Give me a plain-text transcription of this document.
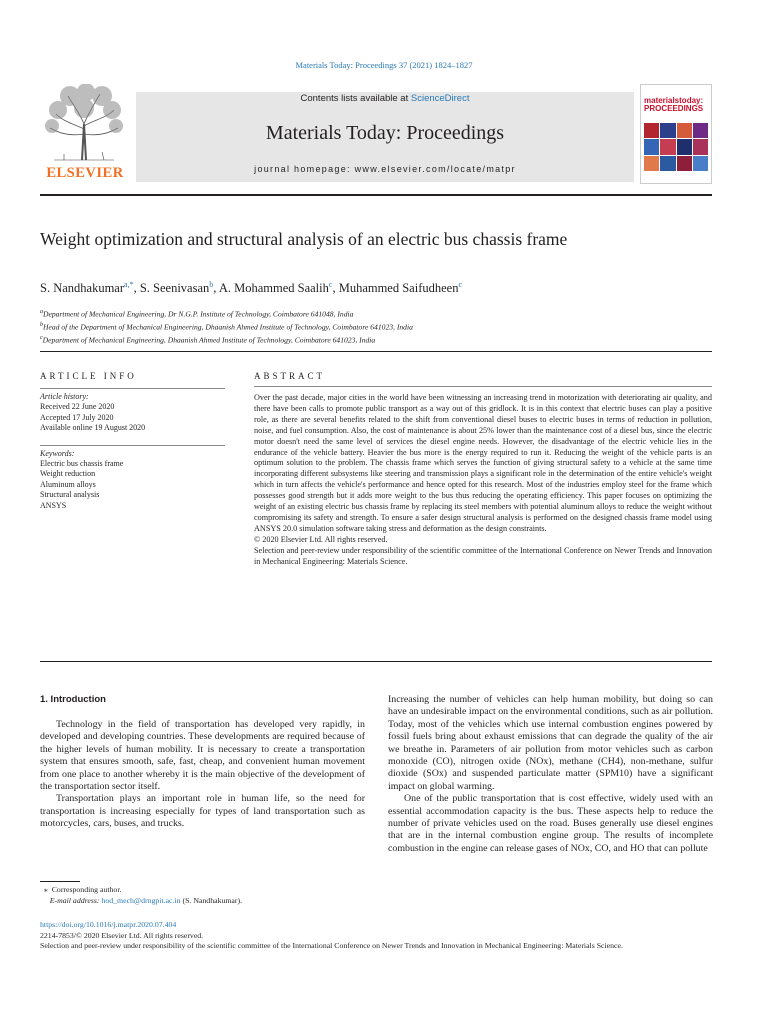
Materials Today: Proceedings 37 (2021) 1824–1827
ELSEVIER
Contents lists available at ScienceDirect
Materials Today: Proceedings
journal homepage: www.elsevier.com/locate/matpr
materialstoday:
PROCEEDINGS
Weight optimization and structural analysis of an electric bus chassis frame
S. Nandhakumar$^{a,*}$, S. Seenivasan$^b$, A. Mohammed Saalih$^c$, Muhammed Saifudheen$^c$
$^a$Department of Mechanical Engineering, Dr N.G.P. Institute of Technology, Coimbatore 641048, India
$^b$Head of the Department of Mechanical Engineering, Dhaanish Ahmed Institute of Technology, Coimbatore 641023, India
$^c$Department of Mechanical Engineering, Dhaanish Ahmed Institute of Technology, Coimbatore 641023, India
ARTICLE INFO
Article history:
Received 22 June 2020
Accepted 17 July 2020
Available online 19 August 2020
Keywords:
Electric bus chassis frame
Weight reduction
Aluminum alloys
Structural analysis
ANSYS
ABSTRACT
Over the past decade, major cities in the world have been witnessing an increasing trend in motorization with deteriorating air quality, and there have been calls to promote public transport as a way out of this gridlock. It is in this context that electric buses can play a positive role, as there are several benefits related to the shift from conventional diesel buses to electric buses in terms of reduction in pollution, noise, and fuel consumption. Also, the cost of maintenance is about 25% lower than the maintenance cost of a diesel bus, since the electric motor doesn't need the same level of services the diesel engine needs. However, the disadvantage of the electric vehicle lies in the endurance of the vehicle battery. Heavier the bus more is the energy required to run it. Reducing the weight of the vehicle parts is an optimum solution to the problem. The chassis frame which serves the function of giving structural safety to a vehicle at the same time incorporating different subsystems like steering and transmission plays a significant role in the determination of the entire vehicle's weight which in turn affects the vehicle's performance and hence opted for this research. Most of the industries employ steel for the frame which possesses good strength but it adds more weight to the bus thus reducing the operating efficiency. This paper focuses on optimizing the weight of an existing electric bus chassis frame by replacing its steel members with potential aluminum alloys to reduce the weight without compromising its safety and strength. To ensure a safer design structural analysis is performed on the designed chassis frame model using ANSYS 20.0 simulation software taking stress and deformation as the design constraints.
© 2020 Elsevier Ltd. All rights reserved.
Selection and peer-review under responsibility of the scientific committee of the International Conference on Newer Trends and Innovation in Mechanical Engineering: Materials Science.
1. Introduction

Technology in the field of transportation has developed very rapidly, in developed and developing countries. These developments are required because of the higher levels of human mobility. It is necessary to create a transportation system that ensures smooth, safe, fast, cheap, and convenient human movement from one place to another whereby it is the main objective of the development of the transportation sector itself.

Transportation plays an important role in human life, so the need for transportation is increasing especially for types of land transportation such as motorcycles, cars, buses, and trucks.

Increasing the number of vehicles can help human mobility, but doing so can have an undesirable impact on the environmental conditions, such as air pollution. Today, most of the vehicles which use internal combustion engines powered by fossil fuels bring about exhaust emissions that can degrade the quality of the air we breathe in. Parameters of air pollution from motor vehicles such as carbon monoxide (CO), nitrogen oxide (NOx), methane (CH4), non-methane, sulfur dioxide (SOx) and suspended particulate matter (SPM10) have a significant impact on global warming.

One of the public transportation that is cost effective, widely used with an essential accommodation capacity is the bus. These aspects help to reduce the number of private vehicles used on the road. Buses generally use diesel engines that are in the internal combustion engine group. The results of incomplete combustion in the engine can release gases of NOx, CO, and HO that can pollute

⁎ Corresponding author.
E-mail address: hod_mech@drngpit.ac.in (S. Nandhakumar).
https://doi.org/10.1016/j.matpr.2020.07.404
2214-7853/© 2020 Elsevier Ltd. All rights reserved.
Selection and peer-review under responsibility of the scientific committee of the International Conference on Newer Trends and Innovation in Mechanical Engineering: Materials Science.
